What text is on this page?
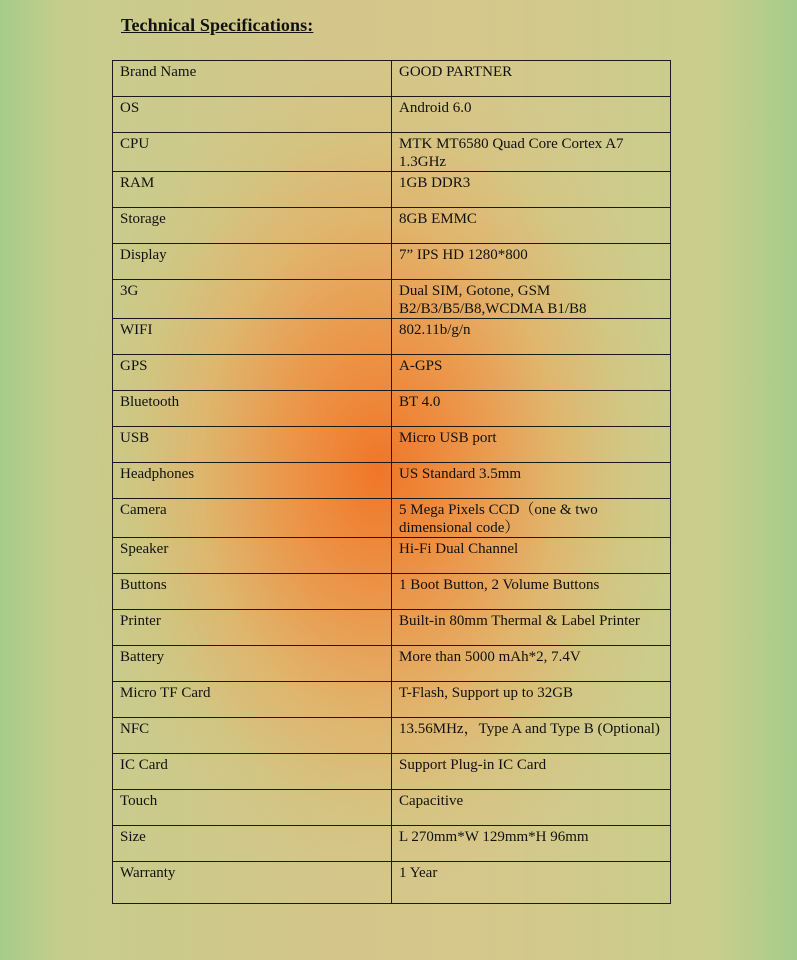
Technical Specifications:
Brand Name	GOOD PARTNER
OS	Android 6.0
CPU	MTK MT6580 Quad Core Cortex A7 1.3GHz
RAM	1GB DDR3
Storage	8GB EMMC
Display	7” IPS HD 1280*800
3G	Dual SIM, Gotone, GSM B2/B3/B5/B8,WCDMA B1/B8
WIFI	802.11b/g/n
GPS	A-GPS
Bluetooth	BT 4.0
USB	Micro USB port
Headphones	US Standard 3.5mm
Camera	5 Mega Pixels CCD（one & two dimensional code）
Speaker	Hi-Fi Dual Channel
Buttons	1 Boot Button, 2 Volume Buttons
Printer	Built-in 80mm Thermal & Label Printer
Battery	More than 5000 mAh*2, 7.4V
Micro TF Card	T-Flash, Support up to 32GB
NFC	13.56MHz，Type A and Type B (Optional)
IC Card	Support Plug-in IC Card
Touch	Capacitive
Size	L 270mm*W 129mm*H 96mm
Warranty	1 Year
